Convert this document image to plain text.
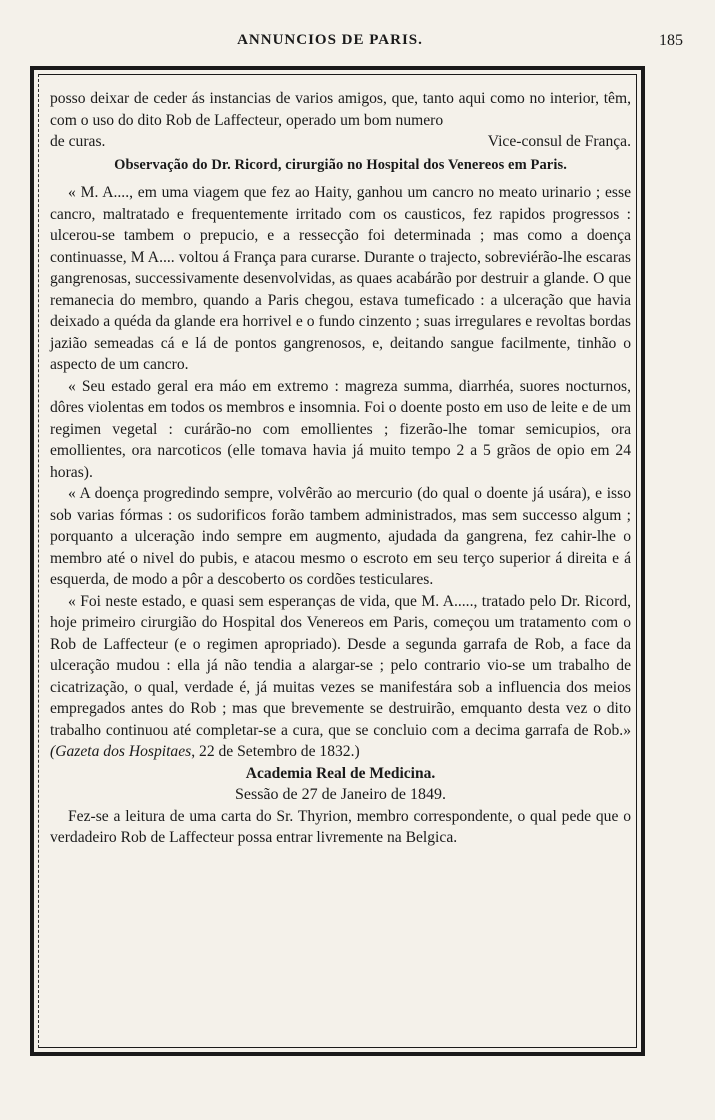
ANNUNCIOS DE PARIS.	185

posso deixar de ceder ás instancias de varios amigos, que, tanto aqui como no interior, têm, com o uso do dito Rob de Laffecteur, operado um bom numero

de curas.	Vice-consul de França.

Observação do Dr. Ricord, cirurgião no Hospital dos Venereos em Paris.

« M. A...., em uma viagem que fez ao Haity, ganhou um cancro no meato urinario ; esse cancro, maltratado e frequentemente irritado com os causticos, fez rapidos progressos : ulcerou-se tambem o prepucio, e a ressecção foi determinada ; mas como a doença continuasse, M A.... voltou á França para curarse. Durante o trajecto, sobreviérão-lhe escaras gangrenosas, successivamente desenvolvidas, as quaes acabárão por destruir a glande. O que remanecia do membro, quando a Paris chegou, estava tumeficado : a ulceração que havia deixado a quéda da glande era horrivel e o fundo cinzento ; suas irregulares e revoltas bordas jazião semeadas cá e lá de pontos gangrenosos, e, deitando sangue facilmente, tinhão o aspecto de um cancro.

« Seu estado geral era máo em extremo : magreza summa, diarrhéa, suores nocturnos, dôres violentas em todos os membros e insomnia. Foi o doente posto em uso de leite e de um regimen vegetal : curárão-no com emollientes ; fizerão-lhe tomar semicupios, ora emollientes, ora narcoticos (elle tomava havia já muito tempo 2 a 5 grãos de opio em 24 horas).

« A doença progredindo sempre, volvêrão ao mercurio (do qual o doente já usára), e isso sob varias fórmas : os sudorificos forão tambem administrados, mas sem successo algum ; porquanto a ulceração indo sempre em augmento, ajudada da gangrena, fez cahir-lhe o membro até o nivel do pubis, e atacou mesmo o escroto em seu terço superior á direita e á esquerda, de modo a pôr a descoberto os cordões testiculares.

« Foi neste estado, e quasi sem esperanças de vida, que M. A....., tratado pelo Dr. Ricord, hoje primeiro cirurgião do Hospital dos Venereos em Paris, começou um tratamento com o Rob de Laffecteur (e o regimen apropriado). Desde a segunda garrafa de Rob, a face da ulceração mudou : ella já não tendia a alargar-se ; pelo contrario vio-se um trabalho de cicatrização, o qual, verdade é, já muitas vezes se manifestára sob a influencia dos meios empregados antes do Rob ; mas que brevemente se destruirão, emquanto desta vez o dito trabalho continuou até completar-se a cura, que se concluio com a decima garrafa de Rob.» (Gazeta dos Hospitaes, 22 de Setembro de 1832.)

Academia Real de Medicina.

Sessão de 27 de Janeiro de 1849.

Fez-se a leitura de uma carta do Sr. Thyrion, membro correspondente, o qual pede que o verdadeiro Rob de Laffecteur possa entrar livremente na Belgica.
